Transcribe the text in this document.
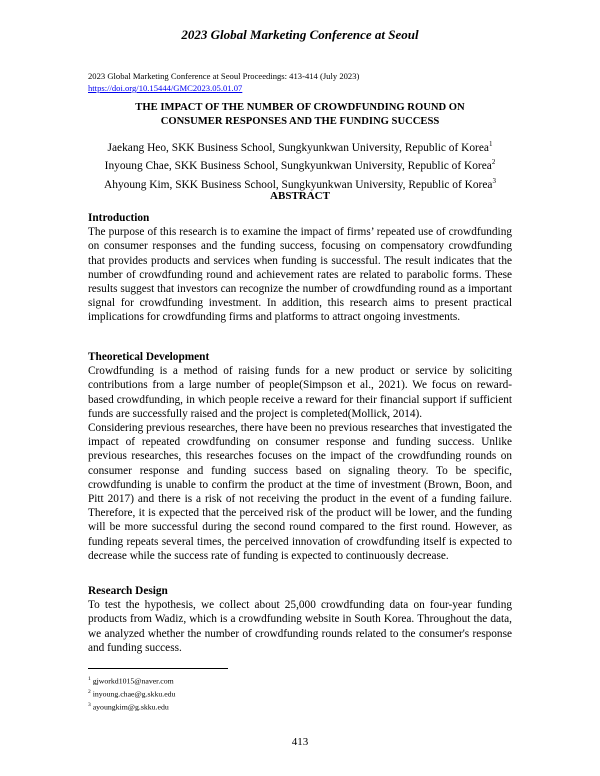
2023 Global Marketing Conference at Seoul
2023 Global Marketing Conference at Seoul Proceedings: 413-414 (July 2023)
https://doi.org/10.15444/GMC2023.05.01.07
THE IMPACT OF THE NUMBER OF CROWDFUNDING ROUND ON
CONSUMER RESPONSES AND THE FUNDING SUCCESS
Jaekang Heo, SKK Business School, Sungkyunkwan University, Republic of Korea$^1$
Inyoung Chae, SKK Business School, Sungkyunkwan University, Republic of Korea$^2$
Ahyoung Kim, SKK Business School, Sungkyunkwan University, Republic of Korea$^3$
ABSTRACT
Introduction

The purpose of this research is to examine the impact of firms’ repeated use of crowdfunding on consumer responses and the funding success, focusing on compensatory crowdfunding that provides products and services when funding is successful. The result indicates that the number of crowdfunding round and achievement rates are related to parabolic forms. These results suggest that investors can recognize the number of crowdfunding round as a important signal for crowdfunding investment. In addition, this research aims to present practical implications for crowdfunding firms and platforms to attract ongoing investments.

Theoretical Development

Crowdfunding is a method of raising funds for a new product or service by soliciting contributions from a large number of people(Simpson et al., 2021). We focus on reward-based crowdfunding, in which people receive a reward for their financial support if sufficient funds are successfully raised and the project is completed(Mollick, 2014).

Considering previous researches, there have been no previous researches that investigated the impact of repeated crowdfunding on consumer response and funding success. Unlike previous researches, this researches focuses on the impact of the crowdfunding rounds on consumer response and funding success based on signaling theory. To be specific, crowdfunding is unable to confirm the product at the time of investment (Brown, Boon, and Pitt 2017) and there is a risk of not receiving the product in the event of a funding failure. Therefore, it is expected that the perceived risk of the product will be lower, and the funding will be more successful during the second round compared to the first round. However, as funding repeats several times, the perceived innovation of crowdfunding itself is expected to decrease while the success rate of funding is expected to continuously decrease.

Research Design

To test the hypothesis, we collect about 25,000 crowdfunding data on four-year funding products from Wadiz, which is a crowdfunding website in South Korea. Throughout the data, we analyzed whether the number of crowdfunding rounds related to the consumer's response and funding success.

$^1$ gjworkd1015@naver.com
$^2$ inyoung.chae@g.skku.edu
$^3$ ayoungkim@g.skku.edu
413
